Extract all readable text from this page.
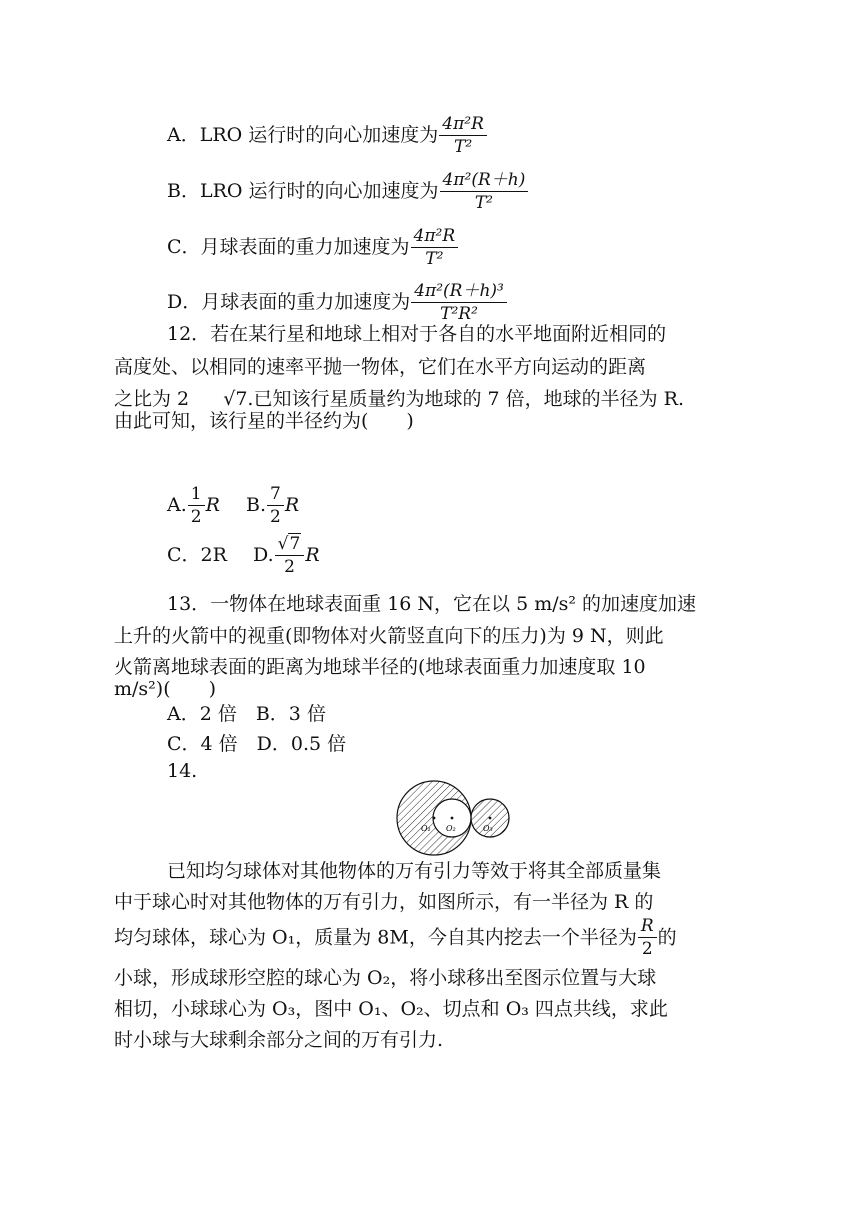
A．LRO 运行时的向心加速度为 $\frac{\text{4π²R}}{\text{T²}}$
B．LRO 运行时的向心加速度为 $\frac{\text{4π²(R＋h)}}{\text{T²}}$
C．月球表面的重力加速度为 $\frac{\text{4π²R}}{\text{T²}}$
D．月球表面的重力加速度为 $\frac{\text{4π²(R＋h)³}}{\text{T²R²}}$
12．若在某行星和地球上相对于各自的水平地面附近相同的
高度处、以相同的速率平抛一物体，它们在水平方向运动的距离
之比为 2 √7.已知该行星质量约为地球的 7 倍，地球的半径为 R.
由此可知，该行星的半径约为(　　)
A. $\frac{1}{2}$ R B. $\frac{7}{2}$ R
C．2R D. $\frac{√7}{2}$ R
13．一物体在地球表面重 16 N，它在以 5 m/s² 的加速度加速
上升的火箭中的视重(即物体对火箭竖直向下的压力)为 9 N，则此
火箭离地球表面的距离为地球半径的(地球表面重力加速度取 10
m/s²)(　　)
A．2 倍　B．3 倍
C．4 倍　D．0.5 倍
14.
O₁ O₂	O₃
已知均匀球体对其他物体的万有引力等效于将其全部质量集
中于球心时对其他物体的万有引力，如图所示，有一半径为 R 的
均匀球体，球心为 O₁，质量为 8M，今自其内挖去一个半径为 $\frac{R}{2}$ 的
小球，形成球形空腔的球心为 O₂，将小球移出至图示位置与大球
相切，小球球心为 O₃，图中 O₁、O₂、切点和 O₃ 四点共线，求此
时小球与大球剩余部分之间的万有引力.
